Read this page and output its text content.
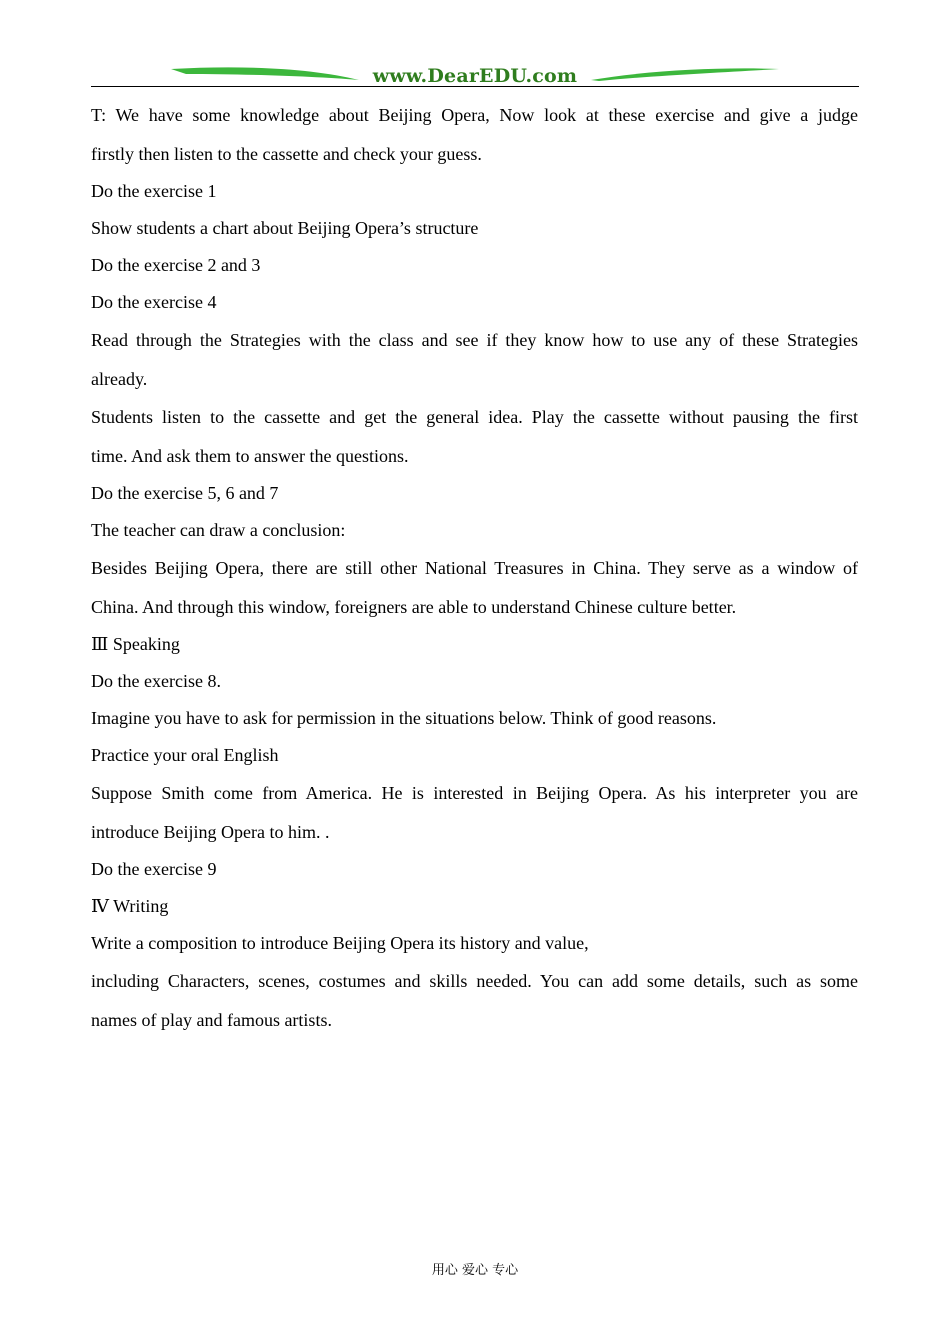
www.DearEDU.com

T: We have some knowledge about Beijing Opera, Now look at these exercise and give a judge

firstly then listen to the cassette and check your guess.

Do the exercise 1

Show students a chart about Beijing Opera’s structure

Do the exercise 2 and 3

Do the exercise 4

Read through the Strategies with the class and see if they know how to use any of these Strategies

already.

Students listen to the cassette and get the general idea. Play the cassette without pausing the first

time. And ask them to answer the questions.

Do the exercise 5, 6 and 7

The teacher can draw a conclusion:

Besides Beijing Opera, there are still other National Treasures in China. They serve as a window of

China. And through this window, foreigners are able to understand Chinese culture better.

Ⅲ Speaking

Do the exercise 8.

Imagine you have to ask for permission in the situations below. Think of good reasons.

Practice your oral English

Suppose Smith come from America. He is interested in Beijing Opera. As his interpreter you are

introduce Beijing Opera to him. .

Do the exercise 9

Ⅳ Writing

Write a composition to introduce Beijing Opera its history and value,

including Characters, scenes, costumes and skills needed. You can add some details, such as some

names of play and famous artists.

用心 爱心 专心
